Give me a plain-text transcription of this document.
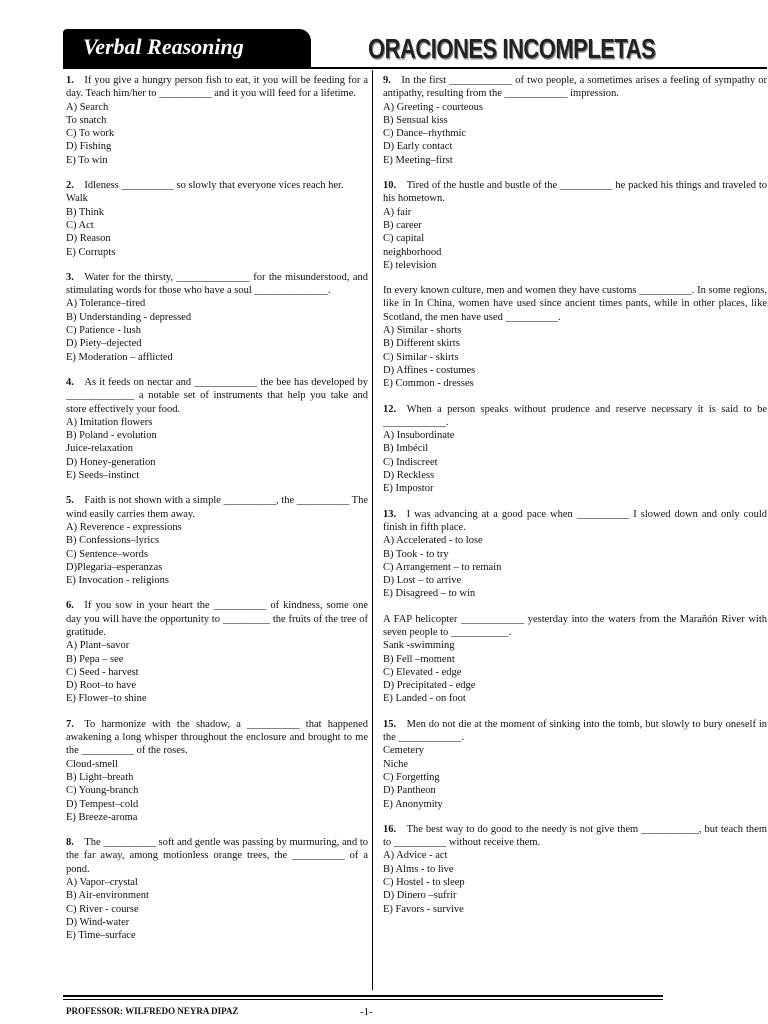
Verbal Reasoning	ORACIONES INCOMPLETAS
1.  If you give a hungry person fish to eat, it you will be feeding for a day. Teach him/her to __________ and it you will feed for a lifetime.
A) Search
To snatch
C) To work
D) Fishing
E) To win
2.  Idleness __________ so slowly that everyone vices reach her.
Walk
B) Think
C) Act
D) Reason
E) Corrupts
3.  Water for the thirsty, ______________ for the misunderstood, and stimulating words for those who have a soul ______________.
A) Tolerance–tired
B) Understanding - depressed
C) Patience - lush
D) Piety–dejected
E) Moderation – afflicted
4.  As it feeds on nectar and ____________ the bee has developed by _____________ a notable set of instruments that help you take and store effectively your food.
A) Imitation flowers
B) Poland - evolution
Juice-relaxation
D) Honey-generation
E) Seeds–instinct
5.  Faith is not shown with a simple __________, the __________ The wind easily carries them away.
A) Reverence - expressions
B) Confessions–lyrics
C) Sentence–words
D)Plegaria–esperanzas
E) Invocation - religions
6.  If you sow in your heart the __________ of kindness, some one day you will have the opportunity to _________ the fruits of the tree of gratitude.
A) Plant–savor
B) Pepa – see
C) Seed - harvest
D) Root–to have
E) Flower–to shine
7.  To harmonize with the shadow, a __________ that happened awakening a long whisper throughout the enclosure and brought to me the __________ of the roses.
Cloud-smell
B) Light–breath
C) Young-branch
D) Tempest–cold
E) Breeze-aroma
8.  The __________ soft and gentle was passing by murmuring, and to the far away, among motionless orange trees, the __________ of a pond.
A) Vapor–crystal
B) Air-environment
C) River - course
D) Wind-water
E) Time–surface
9.  In the first ____________ of two people, a sometimes arises a feeling of sympathy or antipathy, resulting from the ____________ impression.
A) Greeting - courteous
B) Sensual kiss
C) Dance–rhythmic
D) Early contact
E) Meeting–first
10.  Tired of the hustle and bustle of the __________ he packed his things and traveled to his hometown.
A) fair
B) career
C) capital
neighborhood
E) television
In every known culture, men and women they have customs __________. In some regions, like in In China, women have used since ancient times pants, while in other places, like Scotland, the men have used __________.
A) Similar - shorts
B) Different skirts
C) Similar - skirts
D) Affines - costumes
E) Common - dresses
12.  When a person speaks without prudence and reserve necessary it is said to be ____________.
A) Insubordinate
B) Imbécil
C) Indiscreet
D) Reckless
E) Impostor
13.  I was advancing at a good pace when __________ I slowed down and only could finish in fifth place.
A) Accelerated - to lose
B) Took - to try
C) Arrangement – to remain
D) Lost – to arrive
E) Disagreed – to win
A FAP helicopter ____________ yesterday into the waters from the Marañón River with seven people to ___________.
Sank -swimming
B) Fell –moment
C) Elevated - edge
D) Precipitated - edge
E) Landed - on foot
15.  Men do not die at the moment of sinking into the tomb, but slowly to bury oneself in the ____________.
Cemetery
Niche
C) Forgetting
D) Pantheon
E) Anonymity
16.  The best way to do good to the needy is not give them ___________, but teach them to __________ without receive them.
A) Advice - act
B) Alms - to live
C) Hostel - to sleep
D) Dinero –sufrir
E) Favors - survive
PROFESSOR: WILFREDO NEYRA DIPAZ	-1-
